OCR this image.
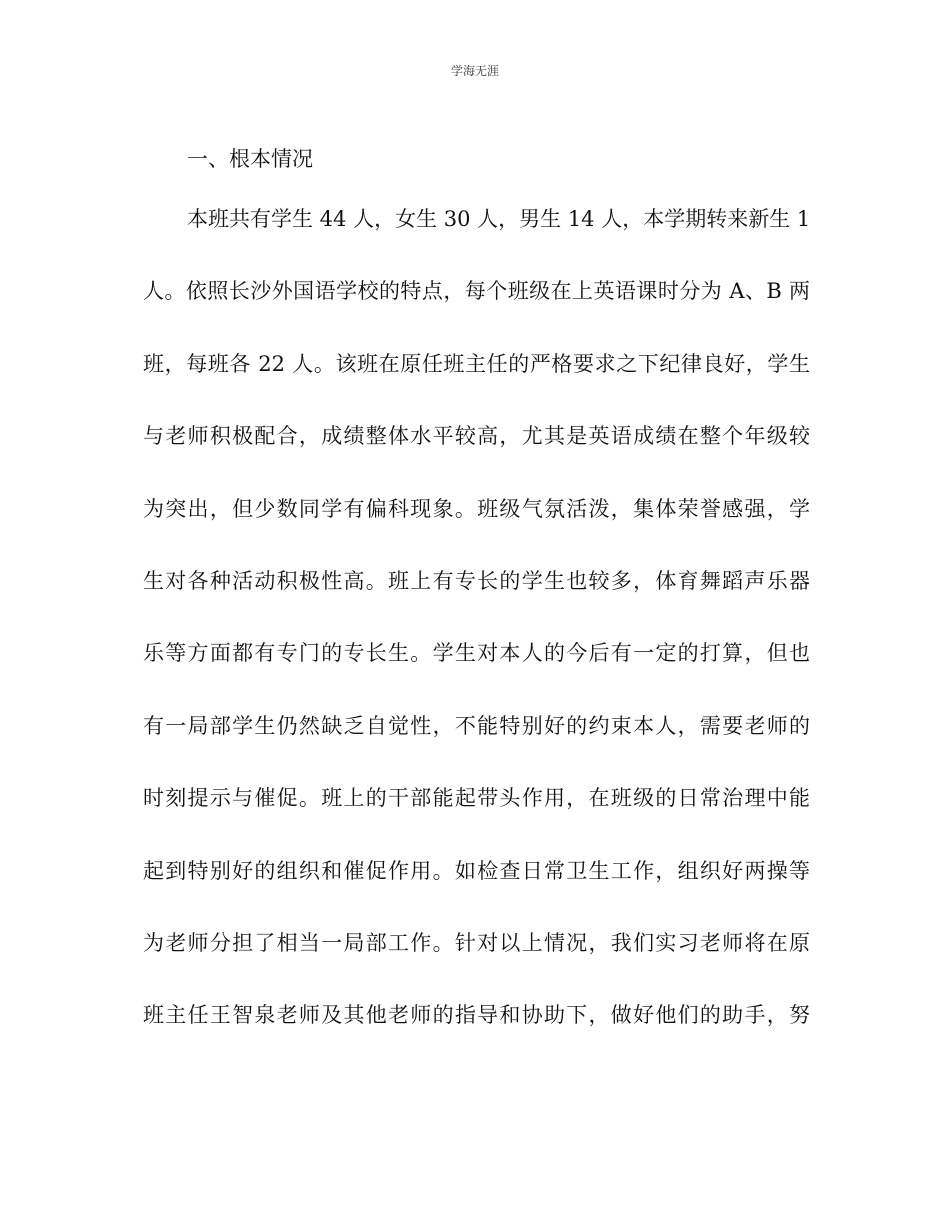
学海无涯
一、根本情况
本班共有学生 44 人，女生 30 人，男生 14 人，本学期转来新生 1
人。依照长沙外国语学校的特点，每个班级在上英语课时分为 A、B 两
班，每班各 22 人。该班在原任班主任的严格要求之下纪律良好，学生
与老师积极配合，成绩整体水平较高，尤其是英语成绩在整个年级较
为突出，但少数同学有偏科现象。班级气氛活泼，集体荣誉感强，学
生对各种活动积极性高。班上有专长的学生也较多，体育舞蹈声乐器
乐等方面都有专门的专长生。学生对本人的今后有一定的打算，但也
有一局部学生仍然缺乏自觉性，不能特别好的约束本人，需要老师的
时刻提示与催促。班上的干部能起带头作用，在班级的日常治理中能
起到特别好的组织和催促作用。如检查日常卫生工作，组织好两操等
为老师分担了相当一局部工作。针对以上情况，我们实习老师将在原
班主任王智泉老师及其他老师的指导和协助下，做好他们的助手，努
